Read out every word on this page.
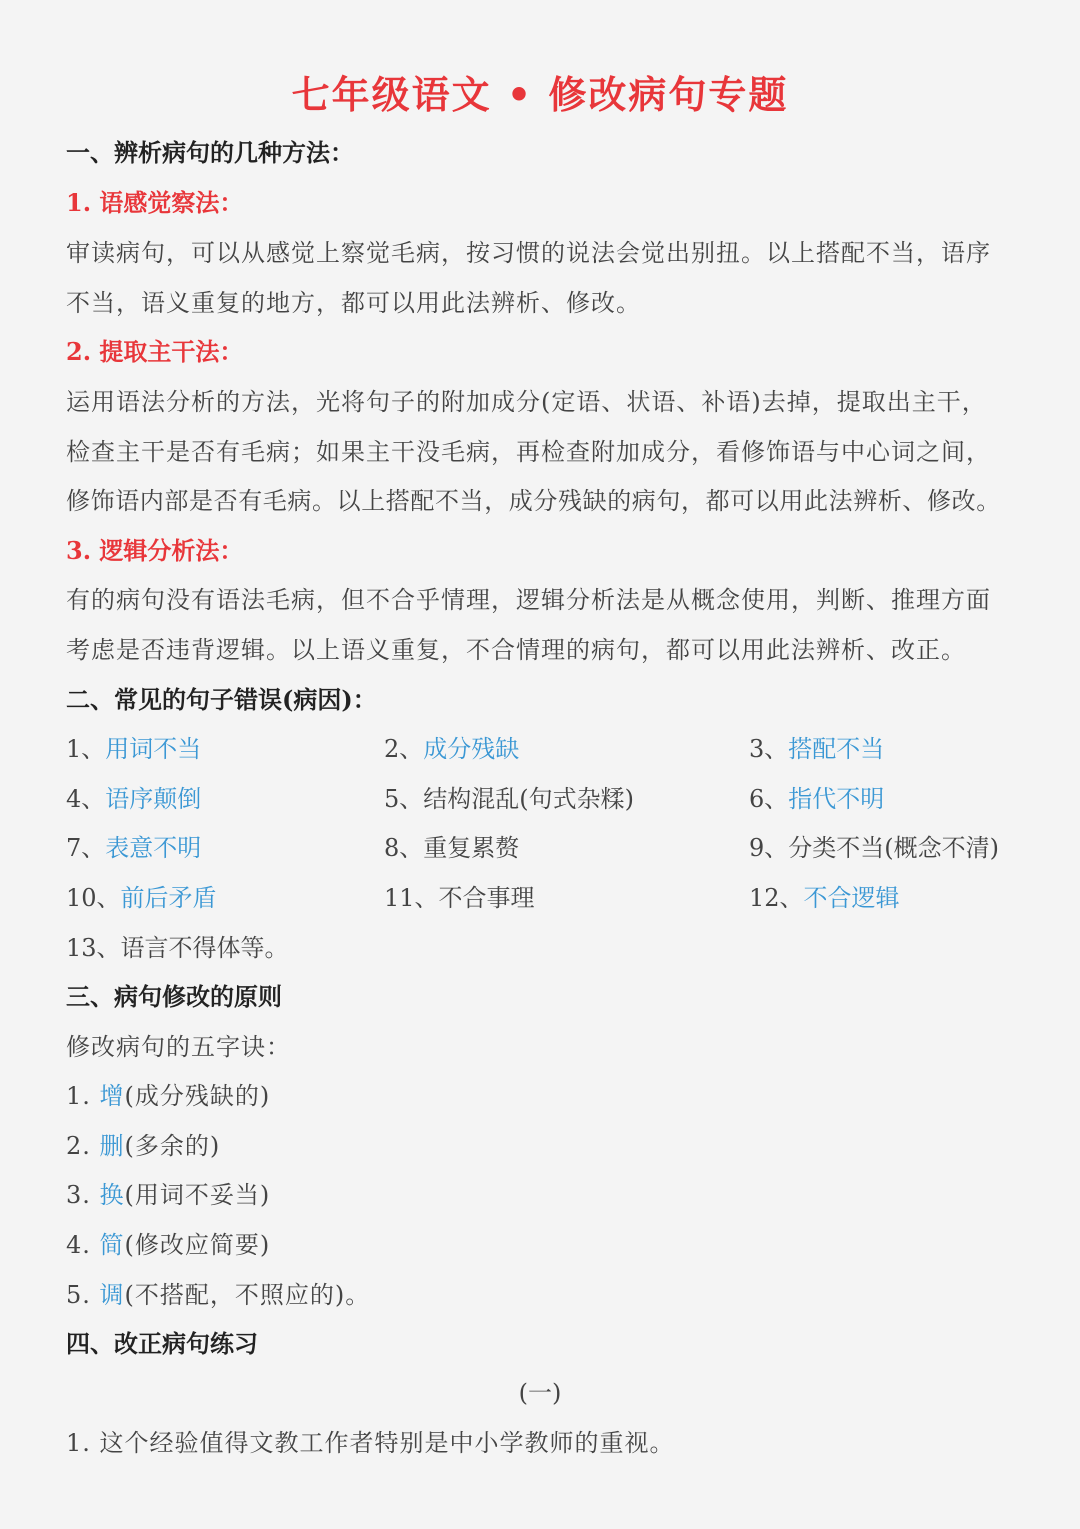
七年级语文 • 修改病句专题
一、辨析病句的几种方法：
1. 语感觉察法：
审读病句，可以从感觉上察觉毛病，按习惯的说法会觉出别扭。以上搭配不当，语序
不当，语义重复的地方，都可以用此法辨析、修改。
2. 提取主干法：
运用语法分析的方法，光将句子的附加成分(定语、状语、补语)去掉，提取出主干，
检查主干是否有毛病；如果主干没毛病，再检查附加成分，看修饰语与中心词之间，
修饰语内部是否有毛病。以上搭配不当，成分残缺的病句，都可以用此法辨析、修改。
3. 逻辑分析法：
有的病句没有语法毛病，但不合乎情理，逻辑分析法是从概念使用，判断、推理方面
考虑是否违背逻辑。以上语义重复，不合情理的病句，都可以用此法辨析、改正。
二、常见的句子错误(病因)：
1、用词不当	2、成分残缺	3、搭配不当
4、语序颠倒	5、结构混乱(句式杂糅)	6、指代不明
7、表意不明	8、重复累赘	9、分类不当(概念不清)
10、前后矛盾	11、不合事理	12、不合逻辑
13、语言不得体等。
三、病句修改的原则
修改病句的五字诀：
1. 增(成分残缺的)
2. 删(多余的)
3. 换(用词不妥当)
4. 简(修改应简要)
5. 调(不搭配，不照应的)。
四、改正病句练习
(一)
1. 这个经验值得文教工作者特别是中小学教师的重视。
